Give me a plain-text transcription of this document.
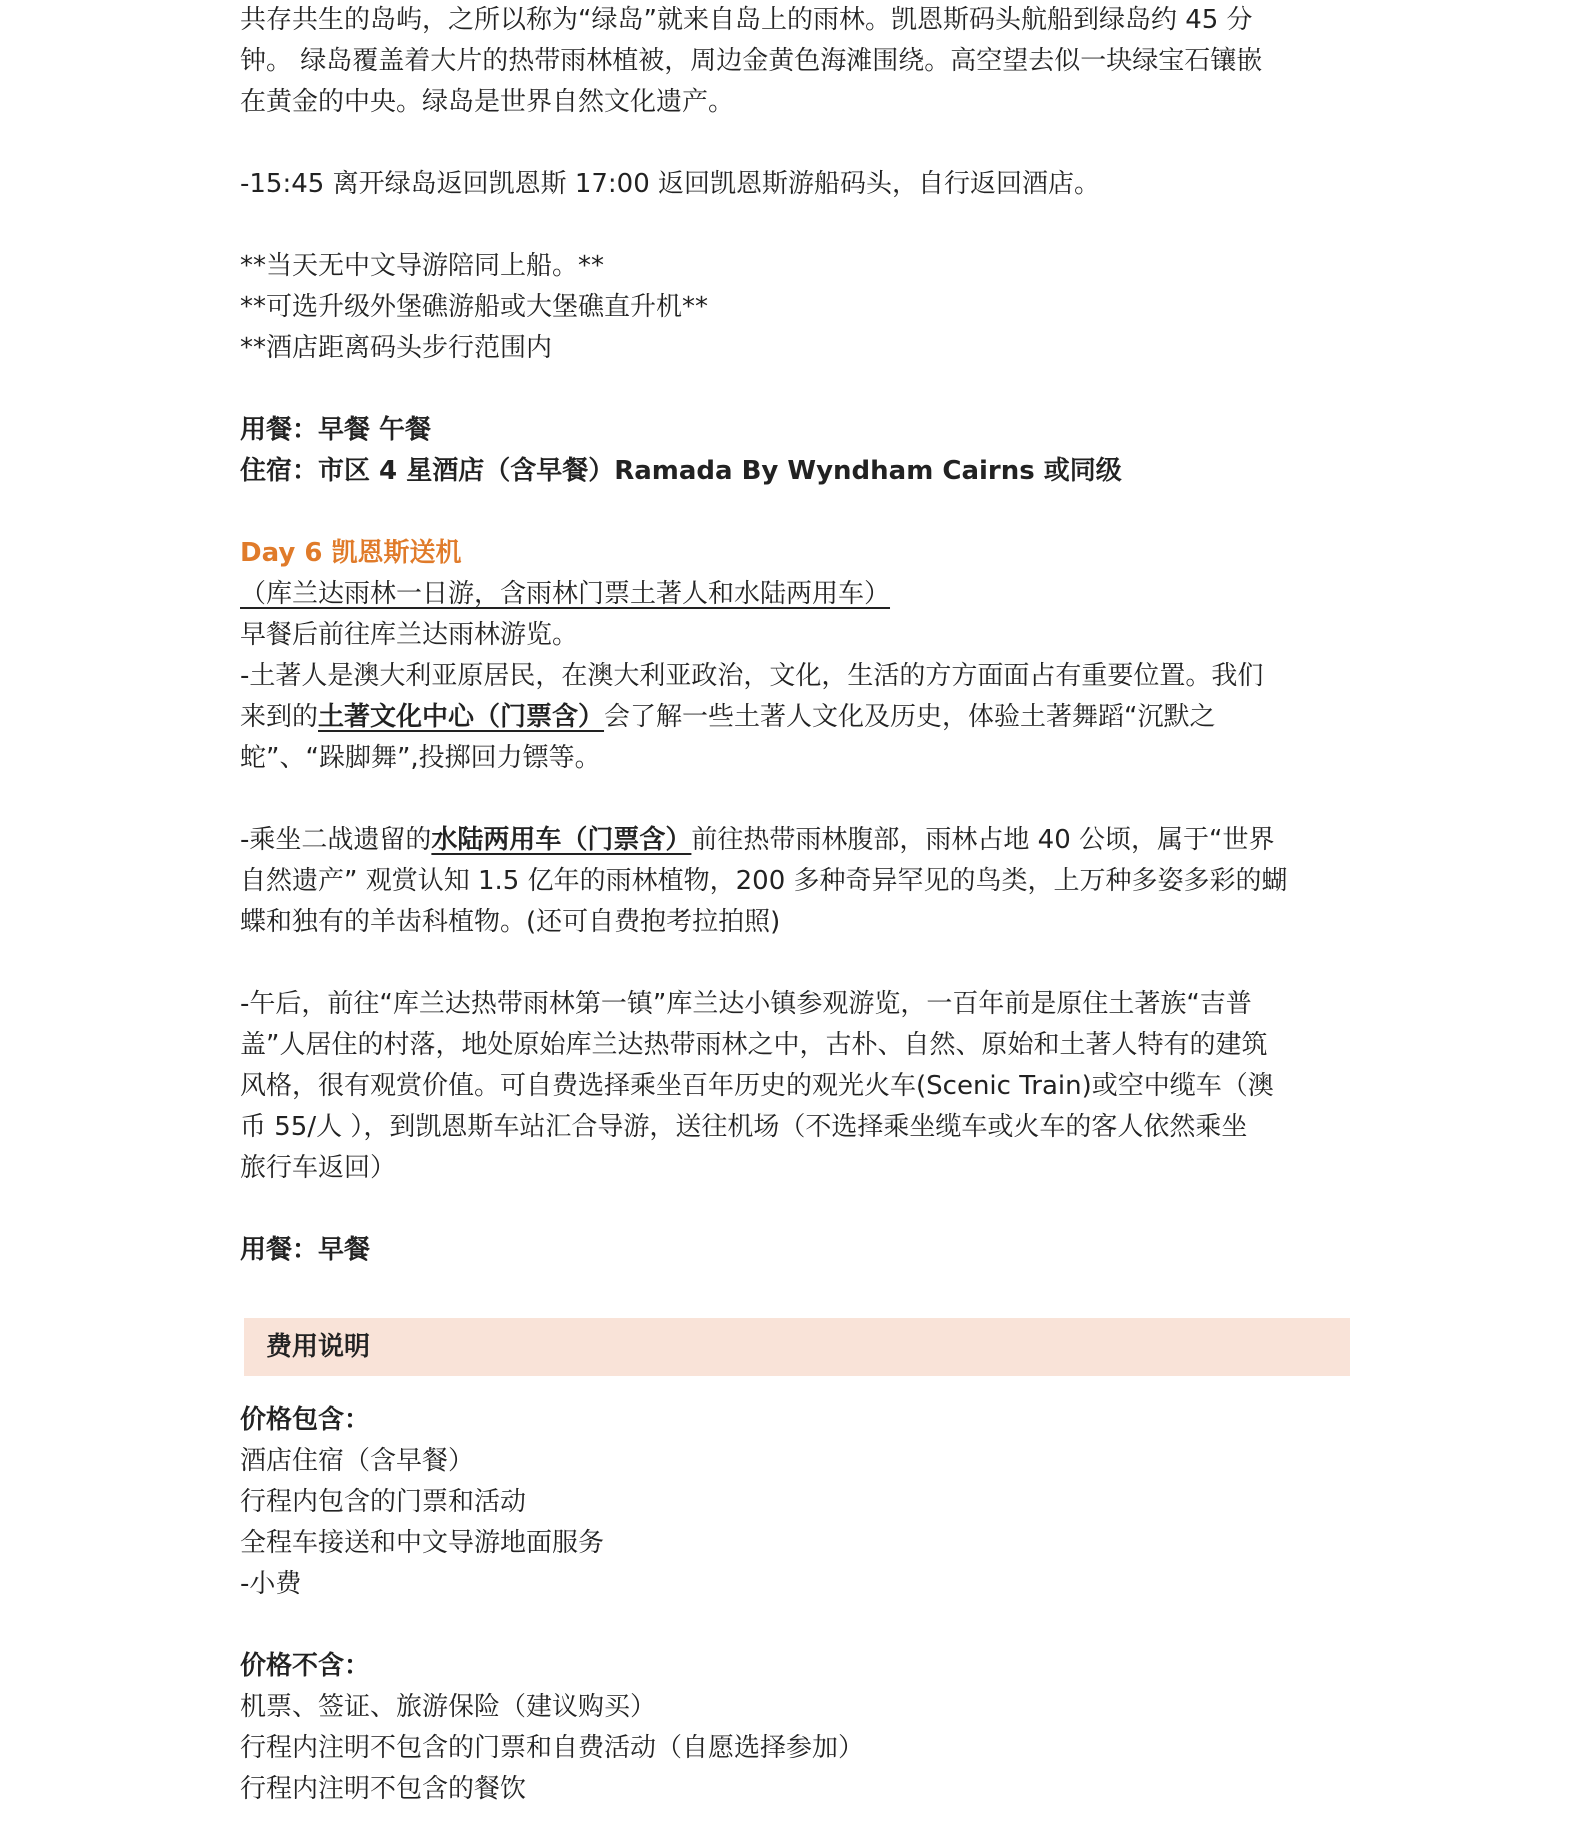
共存共生的岛屿，之所以称为“绿岛”就来自岛上的雨林。凯恩斯码头航船到绿岛约 45 分

钟。 绿岛覆盖着大片的热带雨林植被，周边金黄色海滩围绕。高空望去似一块绿宝石镶嵌

在黄金的中央。绿岛是世界自然文化遗产。

-15:45 离开绿岛返回凯恩斯 17:00 返回凯恩斯游船码头，自行返回酒店。

**当天无中文导游陪同上船。**

**可选升级外堡礁游船或大堡礁直升机**

**酒店距离码头步行范围内

用餐：早餐 午餐

住宿：市区 4 星酒店（含早餐）Ramada By Wyndham Cairns 或同级

Day 6 凯恩斯送机

（库兰达雨林一日游，含雨林门票土著人和水陆两用车）

早餐后前往库兰达雨林游览。

-土著人是澳大利亚原居民，在澳大利亚政治，文化，生活的方方面面占有重要位置。我们

来到的土著文化中心（门票含）会了解一些土著人文化及历史，体验土著舞蹈“沉默之

蛇”、“跺脚舞”,投掷回力镖等。

-乘坐二战遗留的水陆两用车（门票含）前往热带雨林腹部，雨林占地 40 公顷，属于“世界

自然遗产” 观赏认知 1.5 亿年的雨林植物，200 多种奇异罕见的鸟类，上万种多姿多彩的蝴

蝶和独有的羊齿科植物。(还可自费抱考拉拍照)

-午后，前往“库兰达热带雨林第一镇”库兰达小镇参观游览，一百年前是原住土著族“吉普

盖”人居住的村落，地处原始库兰达热带雨林之中，古朴、自然、原始和土著人特有的建筑

风格，很有观赏价值。可自费选择乘坐百年历史的观光火车(Scenic Train)或空中缆车（澳

币 55/人 ），到凯恩斯车站汇合导游，送往机场（不选择乘坐缆车或火车的客人依然乘坐

旅行车返回）

用餐：早餐

费用说明

价格包含：

酒店住宿（含早餐）

行程内包含的门票和活动

全程车接送和中文导游地面服务

-小费

价格不含：

机票、签证、旅游保险（建议购买）

行程内注明不包含的门票和自费活动（自愿选择参加）

行程内注明不包含的餐饮
